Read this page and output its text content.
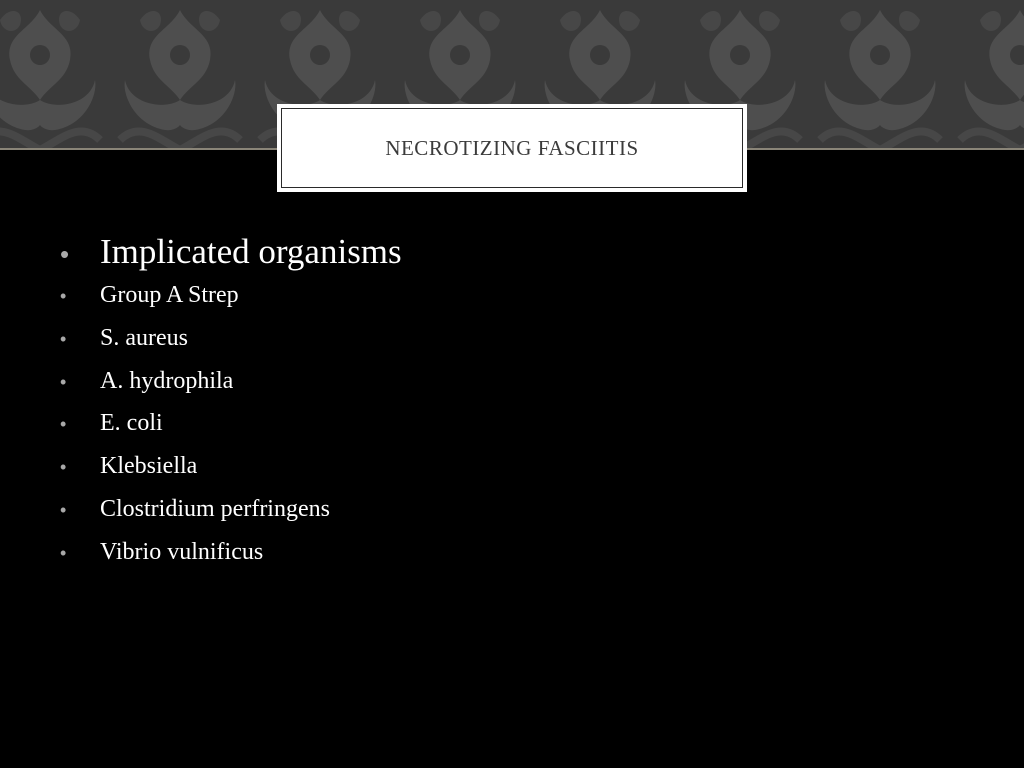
NECROTIZING FASCIITIS
• Implicated organisms
•	Group A Strep
•	S. aureus
•	A. hydrophila
•	E. coli
•	Klebsiella
•	Clostridium perfringens
•	Vibrio vulnificus
